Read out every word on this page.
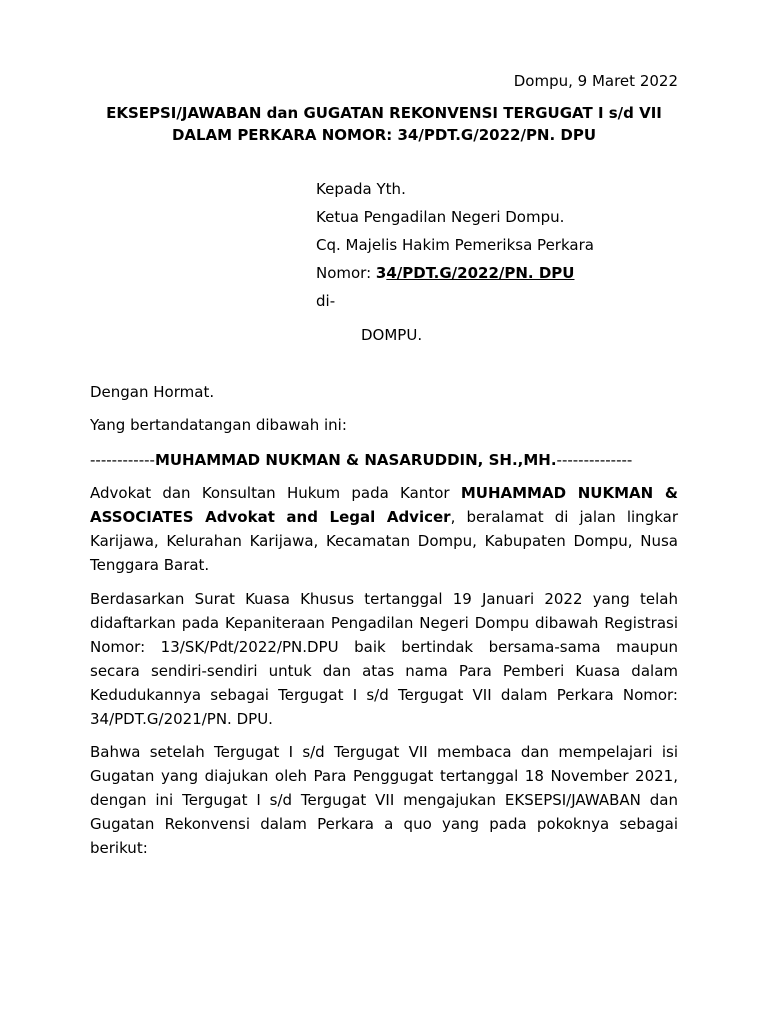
Dompu, 9 Maret 2022
EKSEPSI/JAWABAN dan GUGATAN REKONVENSI TERGUGAT I s/d VII
DALAM PERKARA NOMOR: 34/PDT.G/2022/PN. DPU
Kepada Yth.
Ketua Pengadilan Negeri Dompu.
Cq. Majelis Hakim Pemeriksa Perkara
Nomor: 34/PDT.G/2022/PN. DPU
di-
DOMPU.
Dengan Hormat.
Yang bertandatangan dibawah ini:
------------MUHAMMAD NUKMAN & NASARUDDIN, SH.,MH.--------------
Advokat dan Konsultan Hukum pada Kantor MUHAMMAD NUKMAN & ASSOCIATES Advokat and Legal Advicer, beralamat di jalan lingkar Karijawa, Kelurahan Karijawa, Kecamatan Dompu, Kabupaten Dompu, Nusa Tenggara Barat.
Berdasarkan Surat Kuasa Khusus tertanggal 19 Januari 2022 yang telah didaftarkan pada Kepaniteraan Pengadilan Negeri Dompu dibawah Registrasi Nomor: 13/SK/Pdt/2022/PN.DPU baik bertindak bersama-sama maupun secara sendiri-sendiri untuk dan atas nama Para Pemberi Kuasa dalam Kedudukannya sebagai Tergugat I s/d Tergugat VII dalam Perkara Nomor: 34/PDT.G/2021/PN. DPU.
Bahwa setelah Tergugat I s/d Tergugat VII membaca dan mempelajari isi Gugatan yang diajukan oleh Para Penggugat tertanggal 18 November 2021, dengan ini Tergugat I s/d Tergugat VII mengajukan EKSEPSI/JAWABAN dan Gugatan Rekonvensi dalam Perkara a quo yang pada pokoknya sebagai berikut:
